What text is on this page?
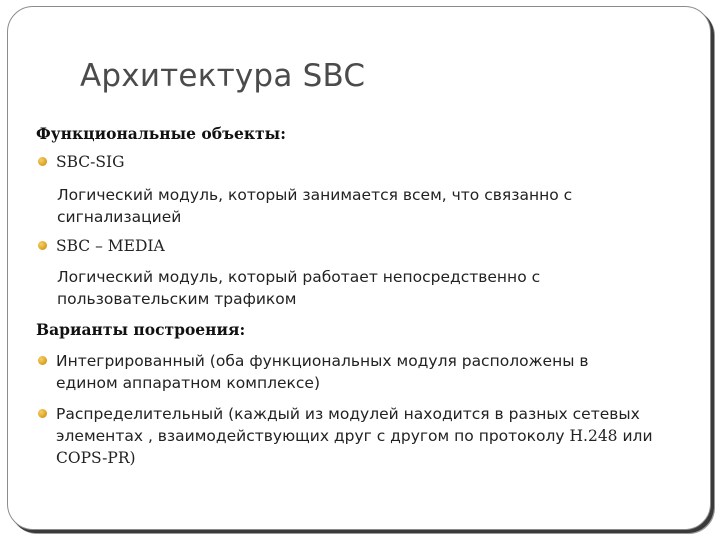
Архитектура SBC
Функциональные объекты:
SBC-SIG
Логический модуль, который занимается всем, что связанно с
сигнализацией
SBC – MEDIA
Логический модуль, который работает непосредственно с
пользовательским трафиком
Варианты построения:
Интегрированный (оба функциональных модуля расположены в
едином аппаратном комплексе)
Распределительный (каждый из модулей находится в разных сетевых
элементах , взаимодействующих друг с другом по протоколу H.248 или
COPS-PR)
